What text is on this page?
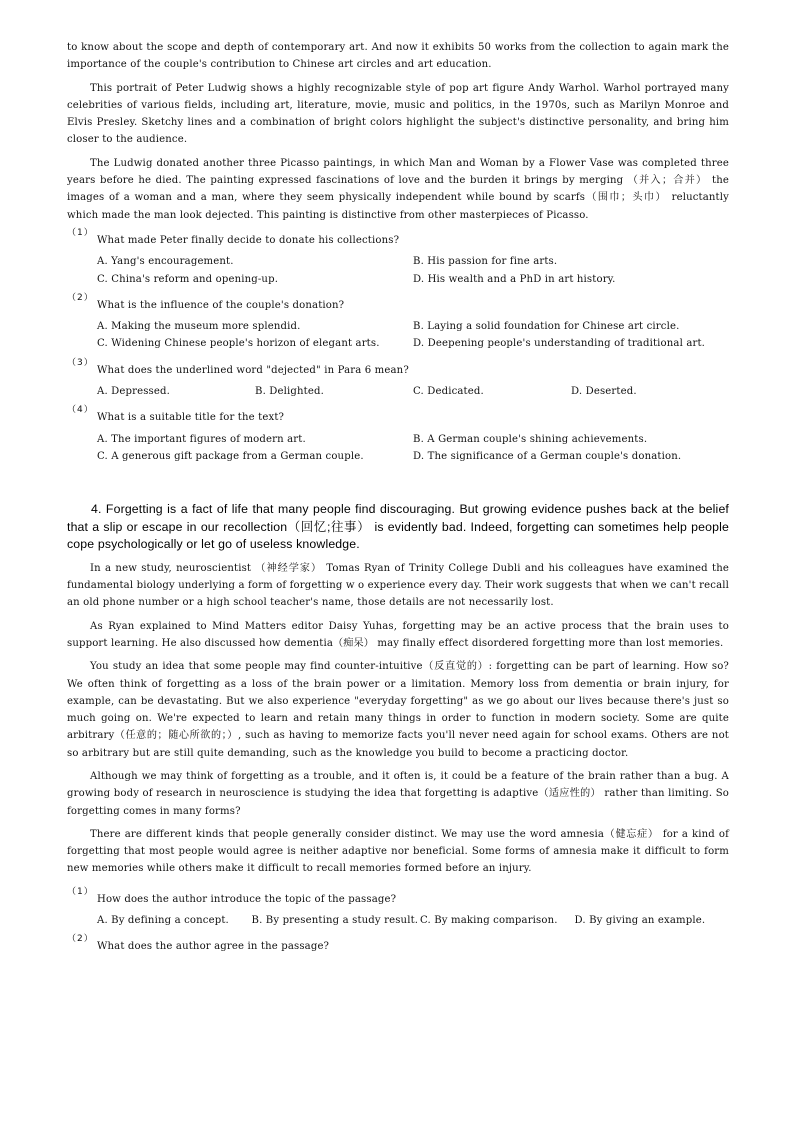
to know about the scope and depth of contemporary art. And now it exhibits 50 works from the collection to again mark the importance of the couple's contribution to Chinese art circles and art education.

This portrait of Peter Ludwig shows a highly recognizable style of pop art figure Andy Warhol. Warhol portrayed many celebrities of various fields, including art, literature, movie, music and politics, in the 1970s, such as Marilyn Monroe and Elvis Presley. Sketchy lines and a combination of bright colors highlight the subject's distinctive personality, and bring him closer to the audience.

The Ludwig donated another three Picasso paintings, in which Man and Woman by a Flower Vase was completed three years before he died. The painting expressed fascinations of love and the burden it brings by merging （并入；合并） the images of a woman and a man, where they seem physically independent while bound by scarfs（围巾；头巾） reluctantly which made the man look dejected. This painting is distinctive from other masterpieces of Picasso.

（1）
What made Peter finally decide to donate his collections?
A. Yang's encouragement.	B. His passion for fine arts.
C. China's reform and opening-up.	D. His wealth and a PhD in art history.
（2）
What is the influence of the couple's donation?
A. Making the museum more splendid.	B. Laying a solid foundation for Chinese art circle.
C. Widening Chinese people's horizon of elegant arts.	D. Deepening people's understanding of traditional art.
（3）
What does the underlined word "dejected" in Para 6 mean?
A. Depressed.	B. Delighted.	C. Dedicated.	D. Deserted.
（4）
What is a suitable title for the text?
A. The important figures of modern art.	B. A German couple's shining achievements.
C. A generous gift package from a German couple.	D. The significance of a German couple's donation.

4. Forgetting is a fact of life that many people find discouraging. But growing evidence pushes back at the belief that a slip or escape in our recollection（回忆;往事） is evidently bad. Indeed, forgetting can sometimes help people cope psychologically or let go of useless knowledge.

In a new study, neuroscientist （神经学家） Tomas Ryan of Trinity College Dubli and his colleagues have examined the fundamental biology underlying a form of forgetting w o experience every day. Their work suggests that when we can't recall an old phone number or a high school teacher's name, those details are not necessarily lost.

As Ryan explained to Mind Matters editor Daisy Yuhas, forgetting may be an active process that the brain uses to support learning. He also discussed how dementia（痴呆） may finally effect disordered forgetting more than lost memories.

You study an idea that some people may find counter-intuitive（反直觉的）: forgetting can be part of learning. How so? We often think of forgetting as a loss of the brain power or a limitation. Memory loss from dementia or brain injury, for example, can be devastating. But we also experience "everyday forgetting" as we go about our lives because there's just so much going on. We're expected to learn and retain many things in order to function in modern society. Some are quite arbitrary（任意的；随心所欲的；）, such as having to memorize facts you'll never need again for school exams. Others are not so arbitrary but are still quite demanding, such as the knowledge you build to become a practicing doctor.

Although we may think of forgetting as a trouble, and it often is, it could be a feature of the brain rather than a bug. A growing body of research in neuroscience is studying the idea that forgetting is adaptive（适应性的） rather than limiting. So forgetting comes in many forms?

There are different kinds that people generally consider distinct. We may use the word amnesia（健忘症） for a kind of forgetting that most people would agree is neither adaptive nor beneficial. Some forms of amnesia make it difficult to form new memories while others make it difficult to recall memories formed before an injury.

（1）
How does the author introduce the topic of the passage?
A. By defining a concept.	B. By presenting a study result. C. By making comparison.	D. By giving an example.
（2）
What does the author agree in the passage?
